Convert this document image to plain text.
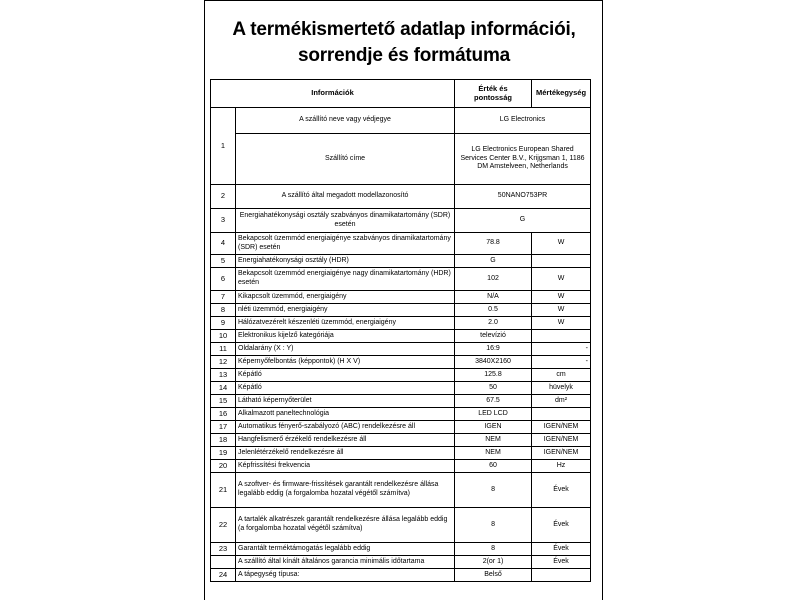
A termékismertető adatlap információi,
sorrendje és formátuma
Információk		Érték és
pontosság	Mértékegység
1	A szállító neve vagy védjegye	LG Electronics	
	Szállító címe	LG Electronics European Shared Services Center B.V., Krijgsman 1, 1186 DM Amstelveen, Netherlands	
2	A szállító által megadott modellazonosító	50NANO753PR	
3	Energiahatékonysági osztály szabványos dinamikatartomány (SDR) esetén	G	
4	Bekapcsolt üzemmód energiaigénye szabványos dinamikatartomány (SDR) esetén	78.8	W
5	Energiahatékonysági osztály (HDR)	G	
6	Bekapcsolt üzemmód energiaigénye nagy dinamikatartomány (HDR) esetén	102	W
7	Kikapcsolt üzemmód, energiaigény	N/A	W
8	nléti üzemmód, energiaigény	0.5	W
9	Hálózatvezérelt készenléti üzemmód, energiaigény	2.0	W
10	Elektronikus kijelző kategóriája	televízió	
11	Oldalarány (X : Y)	16:9	-
12	Képernyőfelbontás (képpontok) (H X V)	3840X2160	-
13	Képátló	125.8	cm
14	Képátló	50	hüvelyk
15	Látható képernyőterület	67.5	dm²
16	Alkalmazott paneltechnológia	LED LCD	
17	Automatikus fényerő-szabályozó (ABC) rendelkezésre áll	IGEN	IGEN/NEM
18	Hangfelismerő érzékelő rendelkezésre áll	NEM	IGEN/NEM
19	Jelenlétérzékelő rendelkezésre áll	NEM	IGEN/NEM
20	Képfrissítési frekvencia	60	Hz
21	A szoftver- és firmware-frissítések garantált rendelkezésre állása legalább eddig (a forgalomba hozatal végétől számítva)	8	Évek
22	A tartalék alkatrészek garantált rendelkezésre állása legalább eddig (a forgalomba hozatal végétől számítva)	8	Évek
23	Garantált terméktámogatás legalább eddig	8	Évek
	A szállító által kínált általános garancia minimális időtartama	2(or 1)	Évek
24	A tápegység típusa:	Belső	
